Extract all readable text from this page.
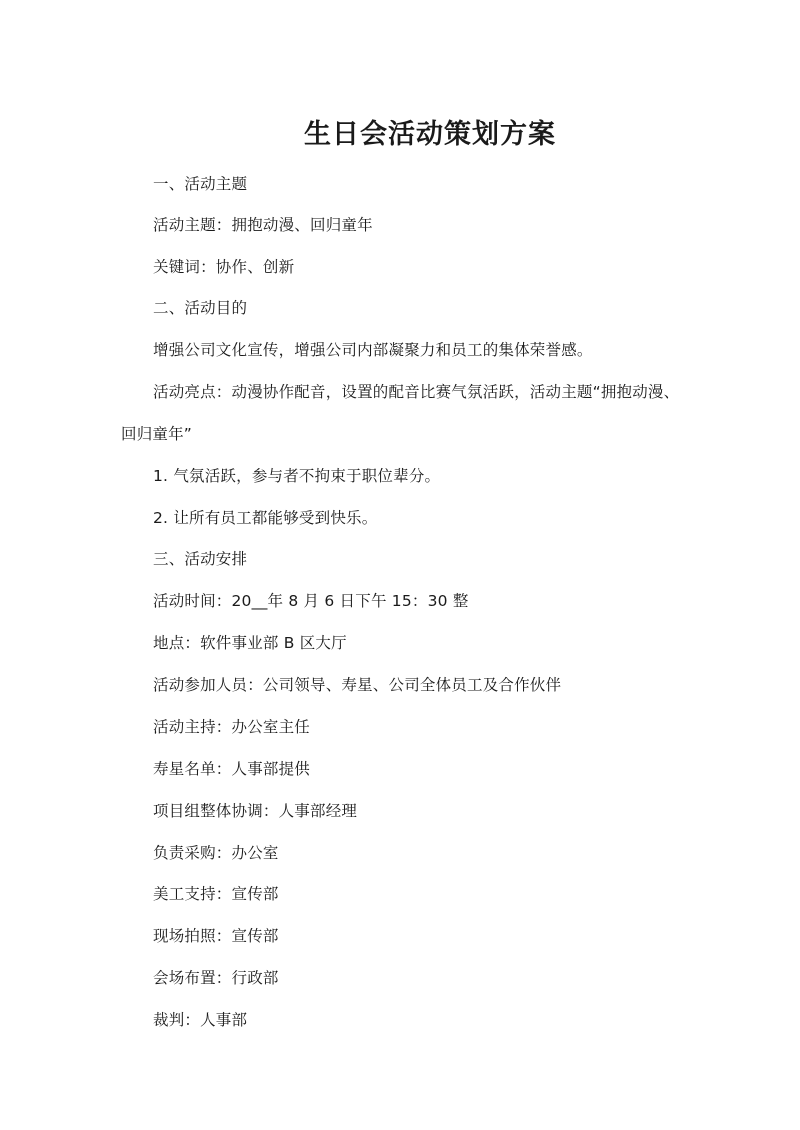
生日会活动策划方案
一、活动主题
活动主题：拥抱动漫、回归童年
关键词：协作、创新
二、活动目的
增强公司文化宣传，增强公司内部凝聚力和员工的集体荣誉感。
活动亮点：动漫协作配音，设置的配音比赛气氛活跃，活动主题“拥抱动漫、
回归童年”
1. 气氛活跃，参与者不拘束于职位辈分。
2. 让所有员工都能够受到快乐。
三、活动安排
活动时间：20__年 8 月 6 日下午 15：30 整
地点：软件事业部 B 区大厅
活动参加人员：公司领导、寿星、公司全体员工及合作伙伴
活动主持：办公室主任
寿星名单：人事部提供
项目组整体协调：人事部经理
负责采购：办公室
美工支持：宣传部
现场拍照：宣传部
会场布置：行政部
裁判：人事部
